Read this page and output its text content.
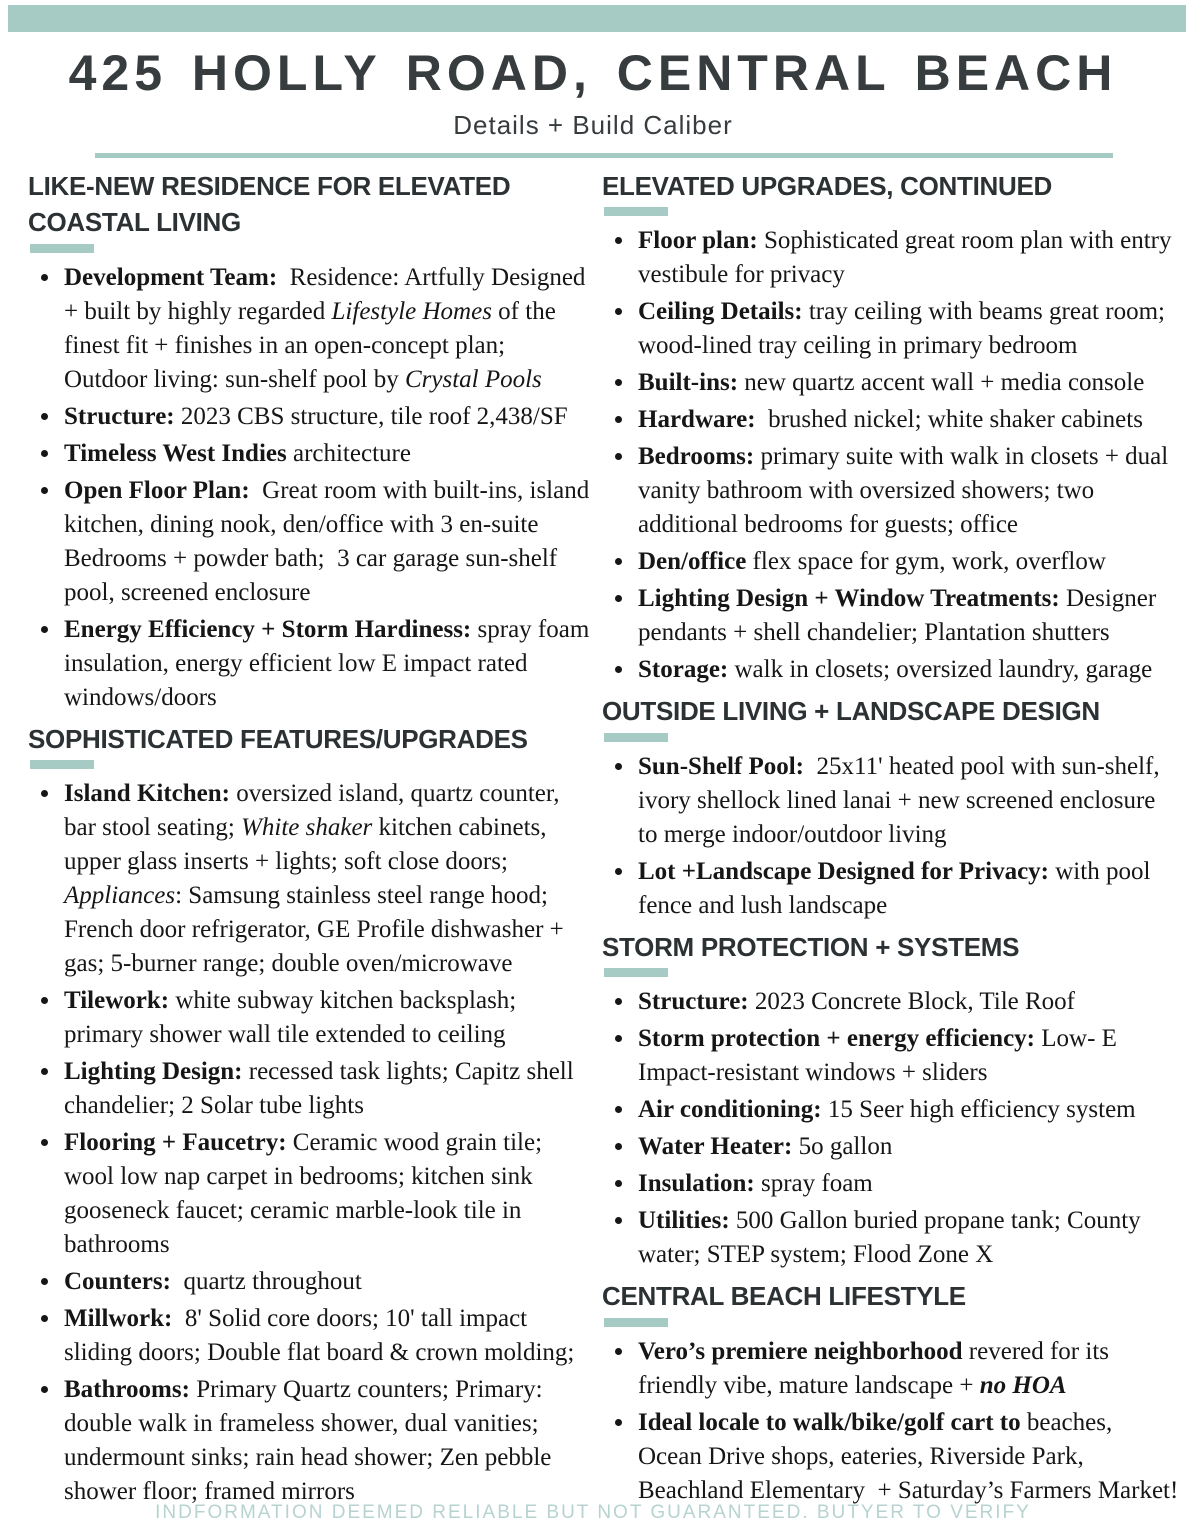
425 HOLLY ROAD, CENTRAL BEACH
Details + Build Caliber
LIKE-NEW RESIDENCE FOR ELEVATED COASTAL LIVING
• Development Team:  Residence: Artfully Designed + built by highly regarded Lifestyle Homes of the finest fit + finishes in an open-concept plan; Outdoor living: sun-shelf pool by Crystal Pools
• Structure: 2023 CBS structure, tile roof 2,438/SF
• Timeless West Indies architecture
• Open Floor Plan:  Great room with built-ins, island kitchen, dining nook, den/office with 3 en-suite Bedrooms + powder bath;  3 car garage sun-shelf pool, screened enclosure
• Energy Efficiency + Storm Hardiness: spray foam insulation, energy efficient low E impact rated windows/doors
SOPHISTICATED FEATURES/UPGRADES
• Island Kitchen: oversized island, quartz counter, bar stool seating; White shaker kitchen cabinets, upper glass inserts + lights; soft close doors; Appliances: Samsung stainless steel range hood; French door refrigerator, GE Profile dishwasher + gas; 5-burner range; double oven/microwave
• Tilework: white subway kitchen backsplash; primary shower wall tile extended to ceiling
• Lighting Design: recessed task lights; Capitz shell chandelier; 2 Solar tube lights
• Flooring + Faucetry: Ceramic wood grain tile; wool low nap carpet in bedrooms; kitchen sink gooseneck faucet; ceramic marble-look tile in bathrooms
• Counters:  quartz throughout
• Millwork:  8' Solid core doors; 10' tall impact sliding doors; Double flat board & crown molding;
• Bathrooms: Primary Quartz counters; Primary: double walk in frameless shower, dual vanities; undermount sinks; rain head shower; Zen pebble shower floor; framed mirrors
ELEVATED UPGRADES, CONTINUED
• Floor plan: Sophisticated great room plan with entry vestibule for privacy
• Ceiling Details: tray ceiling with beams great room; wood-lined tray ceiling in primary bedroom
• Built-ins: new quartz accent wall + media console
• Hardware:  brushed nickel; white shaker cabinets
• Bedrooms: primary suite with walk in closets + dual vanity bathroom with oversized showers; two additional bedrooms for guests; office
• Den/office flex space for gym, work, overflow
• Lighting Design + Window Treatments: Designer pendants + shell chandelier; Plantation shutters
• Storage: walk in closets; oversized laundry, garage
OUTSIDE LIVING + LANDSCAPE DESIGN
• Sun-Shelf Pool:  25x11' heated pool with sun-shelf, ivory shellock lined lanai + new screened enclosure to merge indoor/outdoor living
• Lot +Landscape Designed for Privacy: with pool fence and lush landscape
STORM PROTECTION + SYSTEMS
• Structure: 2023 Concrete Block, Tile Roof
• Storm protection + energy efficiency: Low- E Impact-resistant windows + sliders
• Air conditioning: 15 Seer high efficiency system
• Water Heater: 5o gallon
• Insulation: spray foam
• Utilities: 500 Gallon buried propane tank; County water; STEP system; Flood Zone X
CENTRAL BEACH LIFESTYLE
• Vero’s premiere neighborhood revered for its friendly vibe, mature landscape + no HOA
• Ideal locale to walk/bike/golf cart to beaches, Ocean Drive shops, eateries, Riverside Park, Beachland Elementary  + Saturday’s Farmers Market!
INDFORMATION DEEMED RELIABLE BUT NOT GUARANTEED. BUTYER TO VERIFY
